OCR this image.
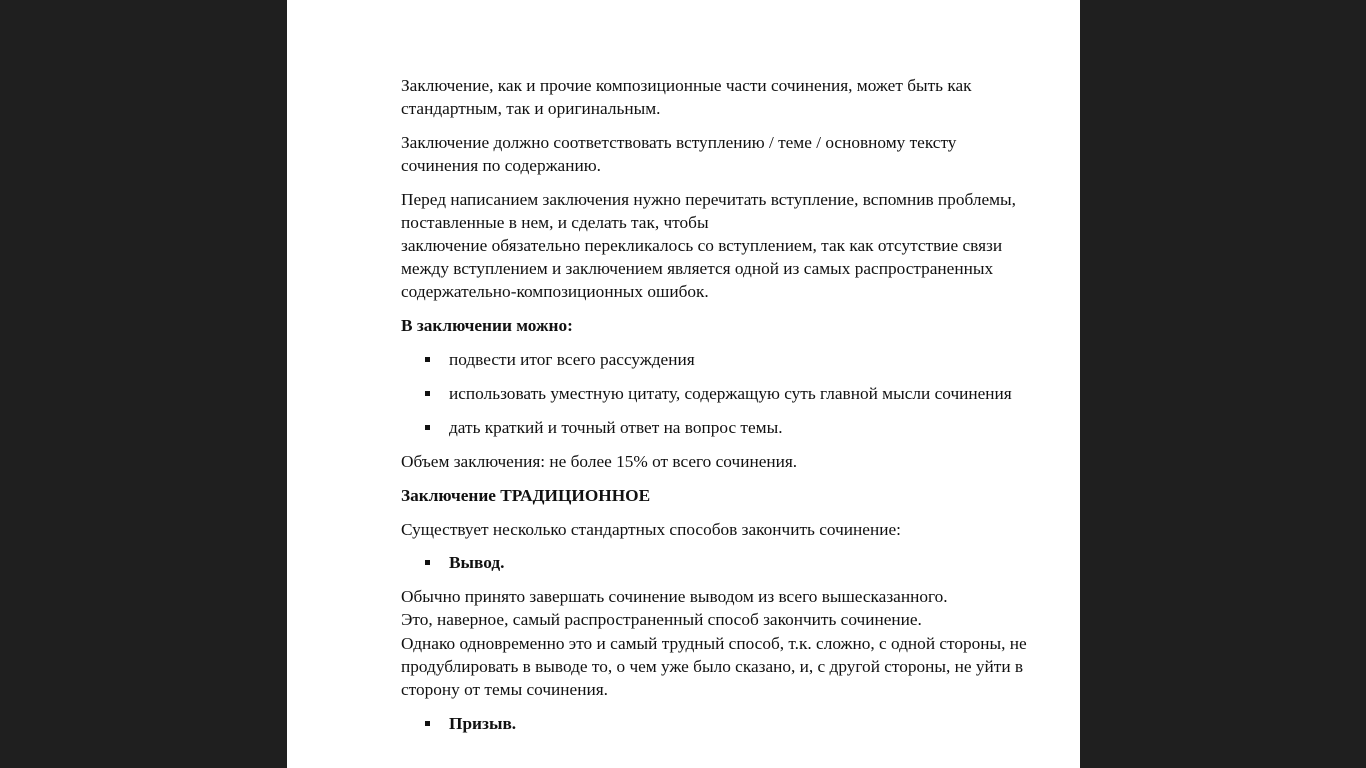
Заключение, как и прочие композиционные части сочинения, может быть как стандартным, так и оригинальным.

Заключение должно соответствовать вступлению / теме / основному тексту сочинения по содержанию.

Перед написанием заключения нужно перечитать вступление, вспомнив проблемы, поставленные в нем, и сделать так, чтобы
заключение обязательно перекликалось со вступлением, так как отсутствие связи между вступлением и заключением является одной из самых распространенных содержательно-композиционных ошибок.

В заключении можно:

подвести итог всего рассуждения
использовать уместную цитату, содержащую суть главной мысли сочинения
дать краткий и точный ответ на вопрос темы.

Объем заключения: не более 15% от всего сочинения.

Заключение ТРАДИЦИОННОЕ

Существует несколько стандартных способов закончить сочинение:

Вывод.

Обычно принято завершать сочинение выводом из всего вышесказанного.
Это, наверное, самый распространенный способ закончить сочинение.
Однако одновременно это и самый трудный способ, т.к. сложно, с одной стороны, не продублировать в выводе то, о чем уже было сказано, и, с другой стороны, не уйти в сторону от темы сочинения.

Призыв.
